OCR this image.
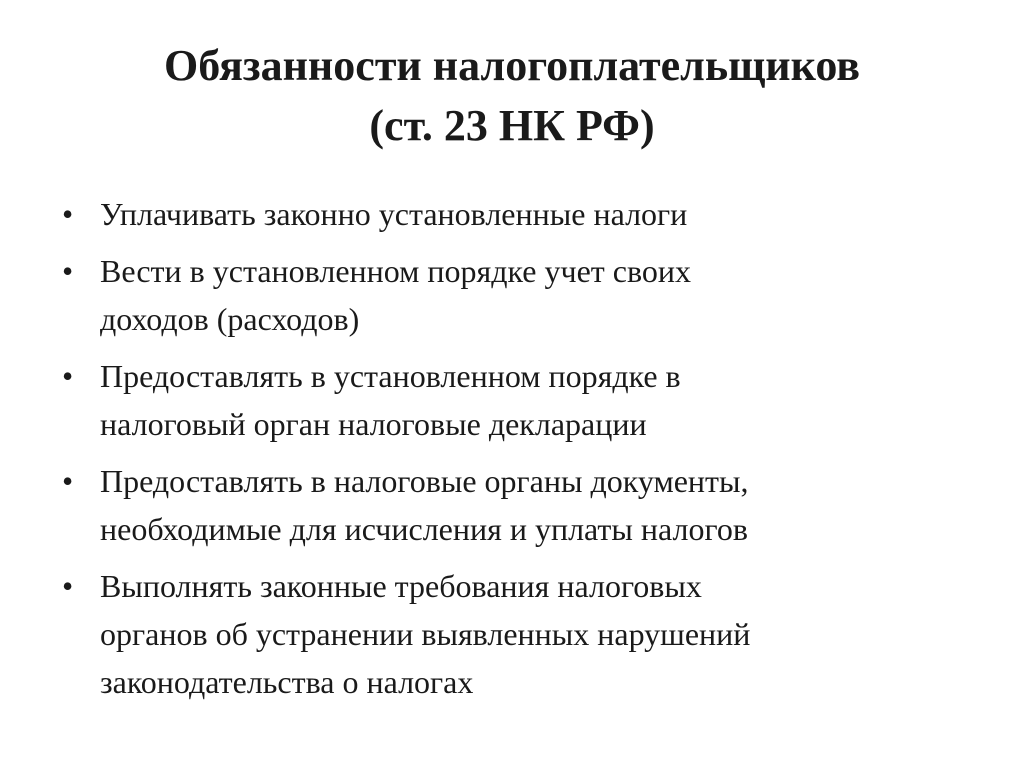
Обязанности налогоплательщиков
(ст. 23 НК РФ)
• Уплачивать законно установленные налоги
• Вести в установленном порядке учет своих
доходов (расходов)
• Предоставлять в установленном порядке в
налоговый орган налоговые декларации
• Предоставлять в налоговые органы документы,
необходимые для исчисления и уплаты налогов
• Выполнять законные требования налоговых
органов об устранении выявленных нарушений
законодательства о налогах
